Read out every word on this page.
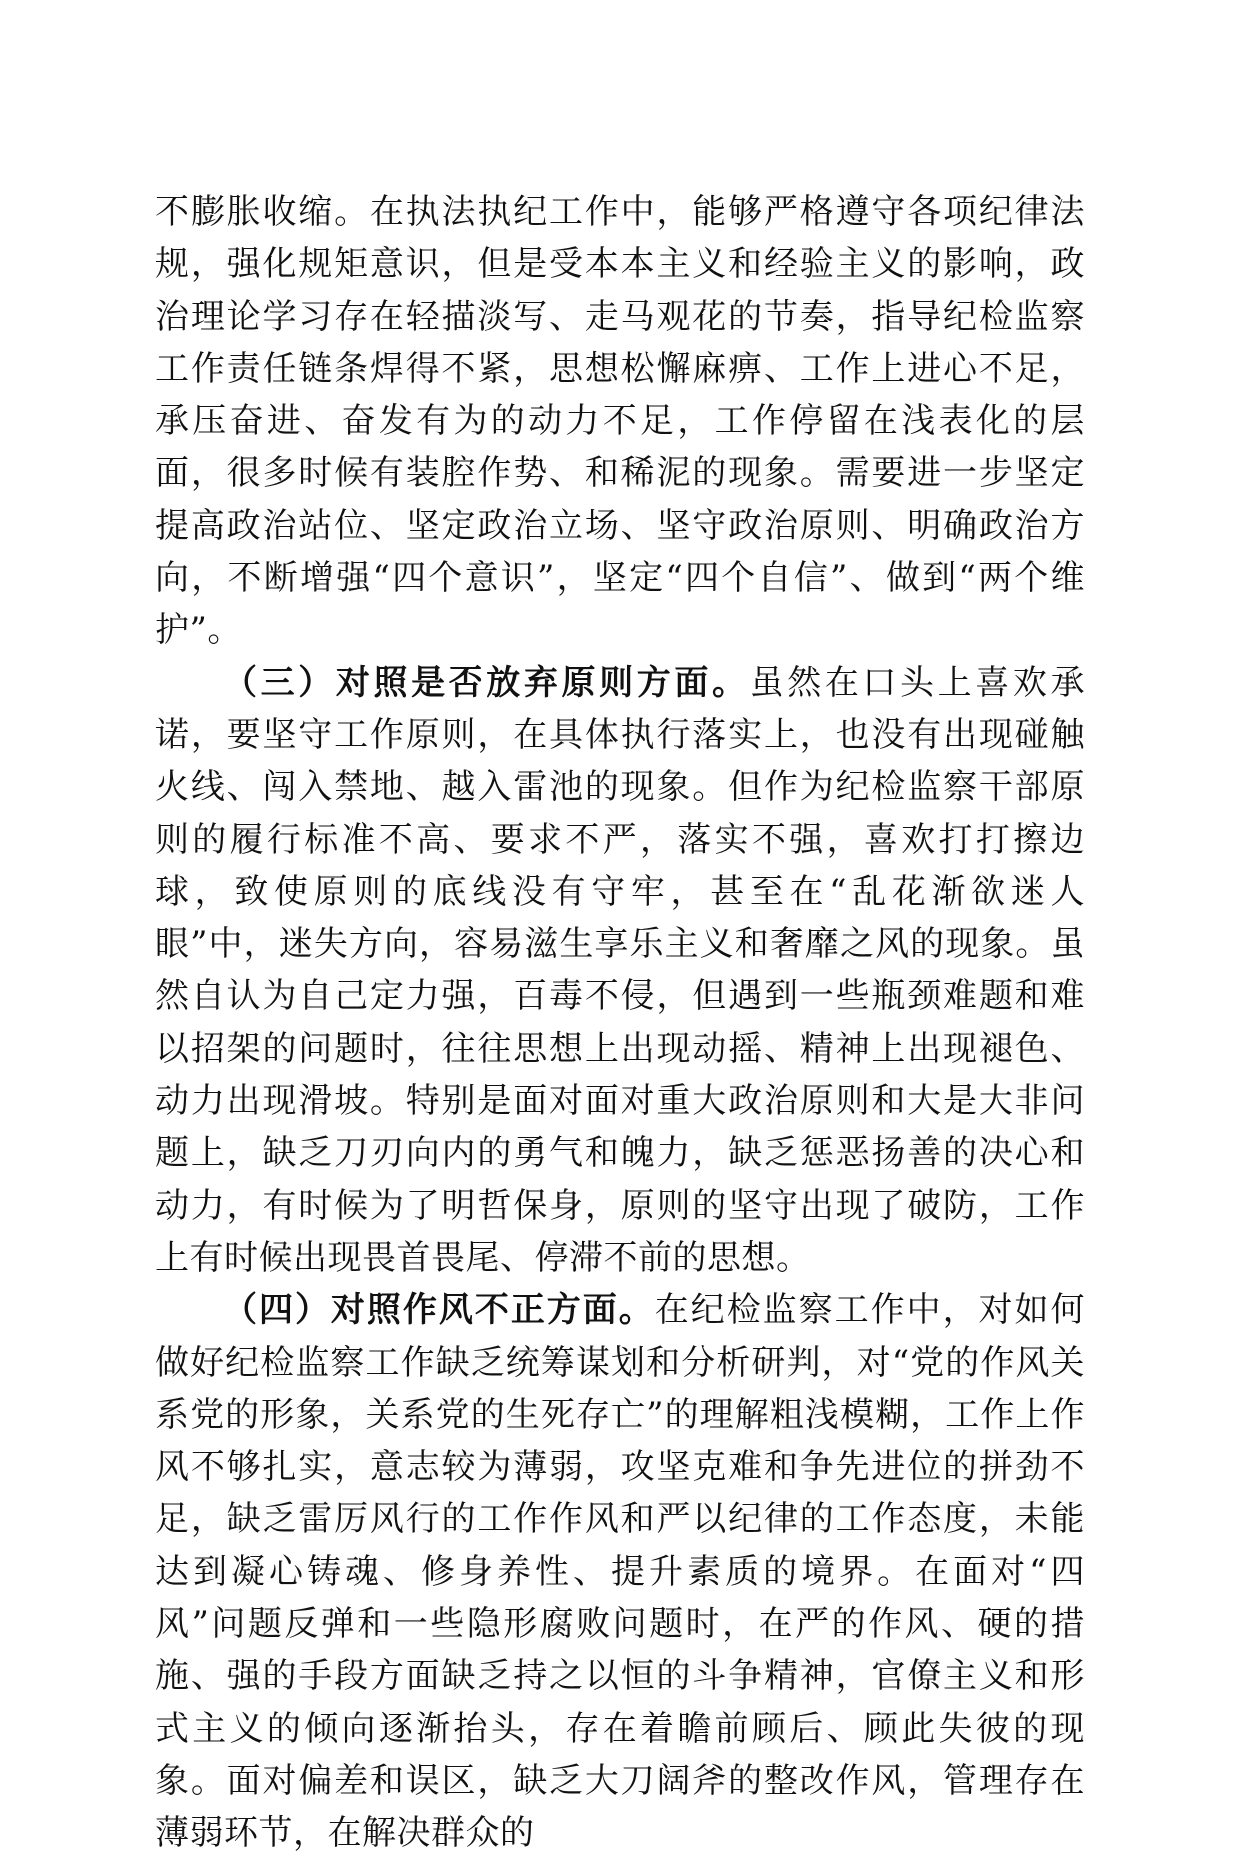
不膨胀收缩。在执法执纪工作中，能够严格遵守各项纪律法规，强化规矩意识，但是受本本主义和经验主义的影响，政治理论学习存在轻描淡写、走马观花的节奏，指导纪检监察工作责任链条焊得不紧，思想松懈麻痹、工作上进心不足，承压奋进、奋发有为的动力不足，工作停留在浅表化的层面，很多时候有装腔作势、和稀泥的现象。需要进一步坚定提高政治站位、坚定政治立场、坚守政治原则、明确政治方向，不断增强“四个意识”，坚定“四个自信”、做到“两个维护”。

（三）对照是否放弃原则方面。虽然在口头上喜欢承诺，要坚守工作原则，在具体执行落实上，也没有出现碰触火线、闯入禁地、越入雷池的现象。但作为纪检监察干部原则的履行标准不高、要求不严，落实不强，喜欢打打擦边球，致使原则的底线没有守牢，甚至在“乱花渐欲迷人眼”中，迷失方向，容易滋生享乐主义和奢靡之风的现象。虽然自认为自己定力强，百毒不侵，但遇到一些瓶颈难题和难以招架的问题时，往往思想上出现动摇、精神上出现褪色、动力出现滑坡。特别是面对面对重大政治原则和大是大非问题上，缺乏刀刃向内的勇气和魄力，缺乏惩恶扬善的决心和动力，有时候为了明哲保身，原则的坚守出现了破防，工作上有时候出现畏首畏尾、停滞不前的思想。

（四）对照作风不正方面。在纪检监察工作中，对如何做好纪检监察工作缺乏统筹谋划和分析研判，对“党的作风关系党的形象，关系党的生死存亡”的理解粗浅模糊，工作上作风不够扎实，意志较为薄弱，攻坚克难和争先进位的拼劲不足，缺乏雷厉风行的工作作风和严以纪律的工作态度，未能达到凝心铸魂、修身养性、提升素质的境界。在面对“四风”问题反弹和一些隐形腐败问题时，在严的作风、硬的措施、强的手段方面缺乏持之以恒的斗争精神，官僚主义和形式主义的倾向逐渐抬头，存在着瞻前顾后、顾此失彼的现象。面对偏差和误区，缺乏大刀阔斧的整改作风，管理存在薄弱环节，在解决群众的
